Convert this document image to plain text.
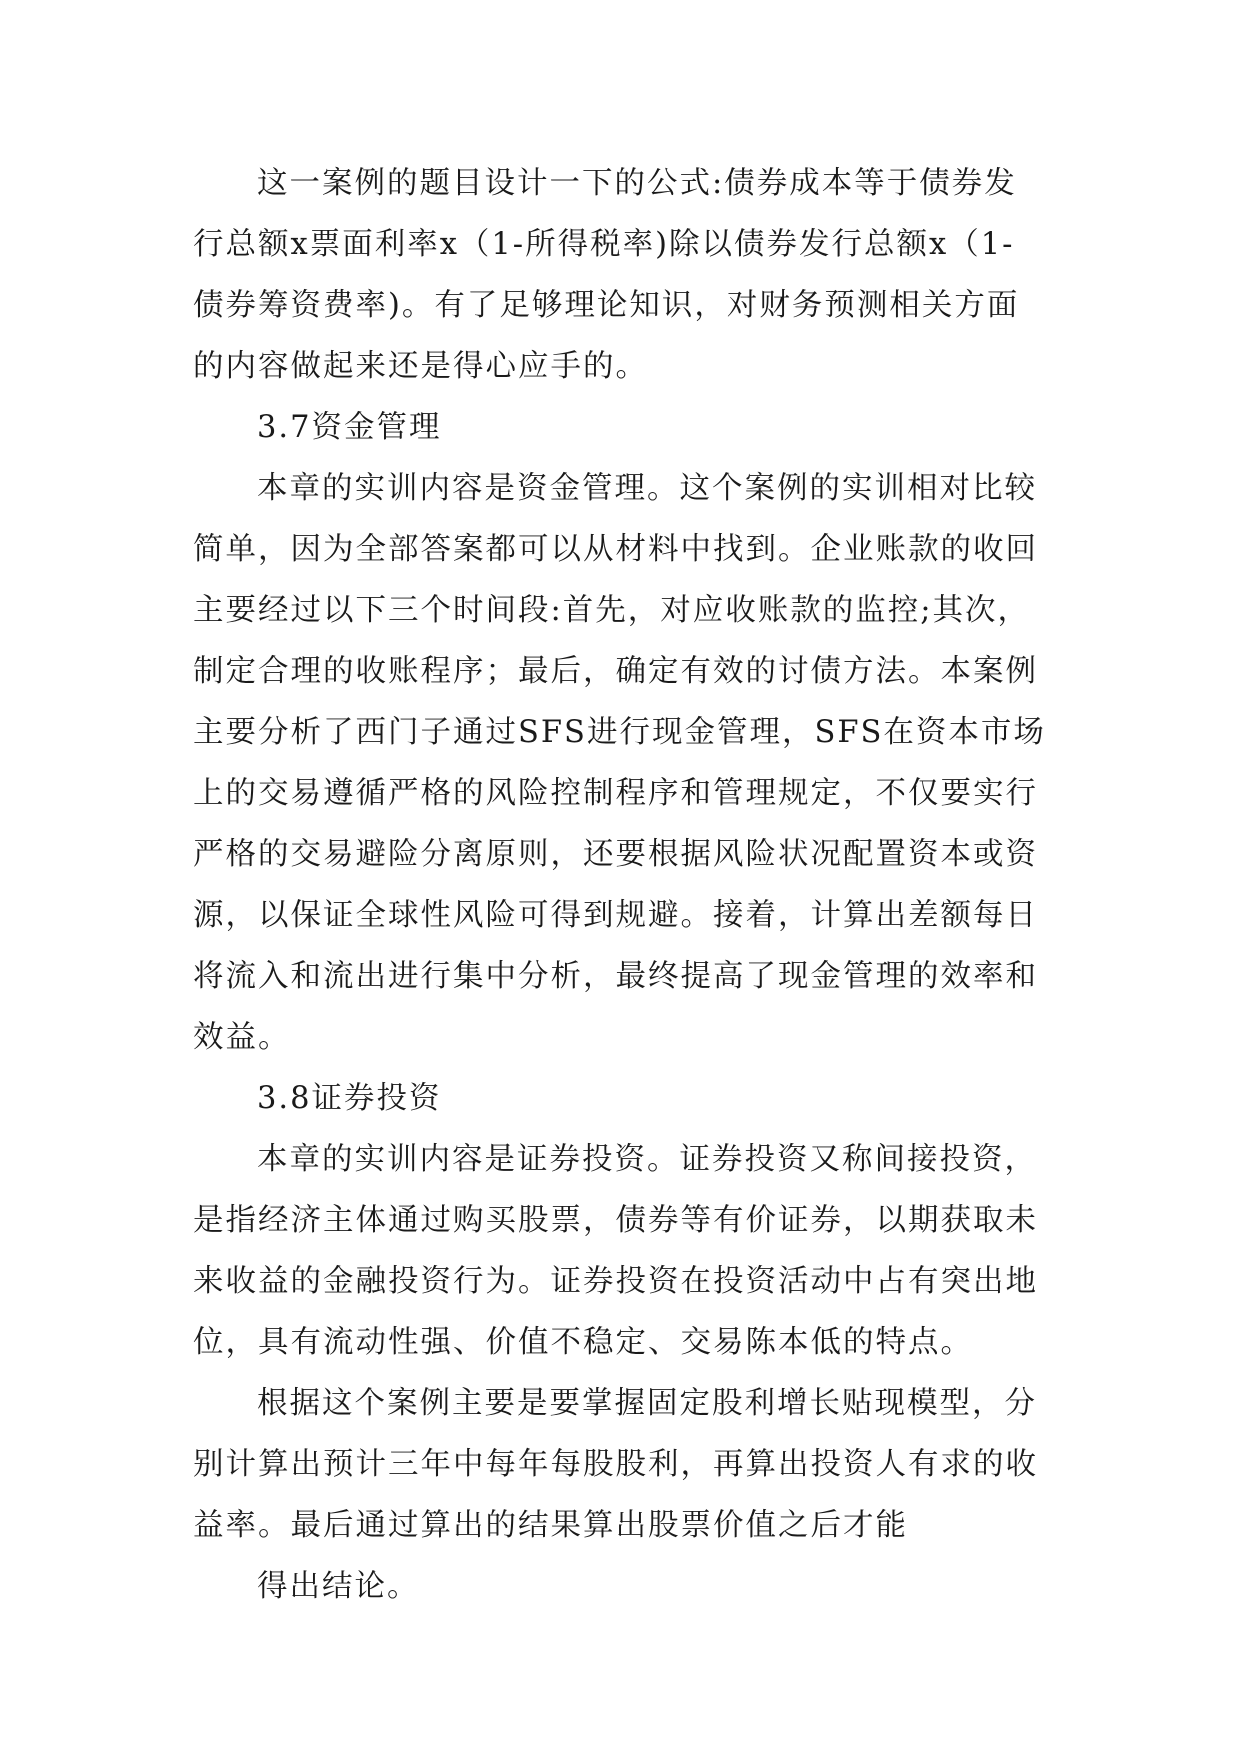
这一案例的题目设计一下的公式:债券成本等于债券发
行总额x票面利率x（1-所得税率)除以债券发行总额x（1-
债券筹资费率)。有了足够理论知识，对财务预测相关方面
的内容做起来还是得心应手的。
3.7资金管理
本章的实训内容是资金管理。这个案例的实训相对比较
简单，因为全部答案都可以从材料中找到。企业账款的收回
主要经过以下三个时间段:首先，对应收账款的监控;其次，
制定合理的收账程序；最后，确定有效的讨债方法。本案例
主要分析了西门子通过SFS进行现金管理，SFS在资本市场
上的交易遵循严格的风险控制程序和管理规定，不仅要实行
严格的交易避险分离原则，还要根据风险状况配置资本或资
源，以保证全球性风险可得到规避。接着，计算出差额每日
将流入和流出进行集中分析，最终提高了现金管理的效率和
效益。
3.8证券投资
本章的实训内容是证券投资。证券投资又称间接投资，
是指经济主体通过购买股票，债券等有价证券，以期获取未
来收益的金融投资行为。证券投资在投资活动中占有突出地
位，具有流动性强、价值不稳定、交易陈本低的特点。
根据这个案例主要是要掌握固定股利增长贴现模型，分
别计算出预计三年中每年每股股利，再算出投资人有求的收
益率。最后通过算出的结果算出股票价值之后才能
得出结论。
